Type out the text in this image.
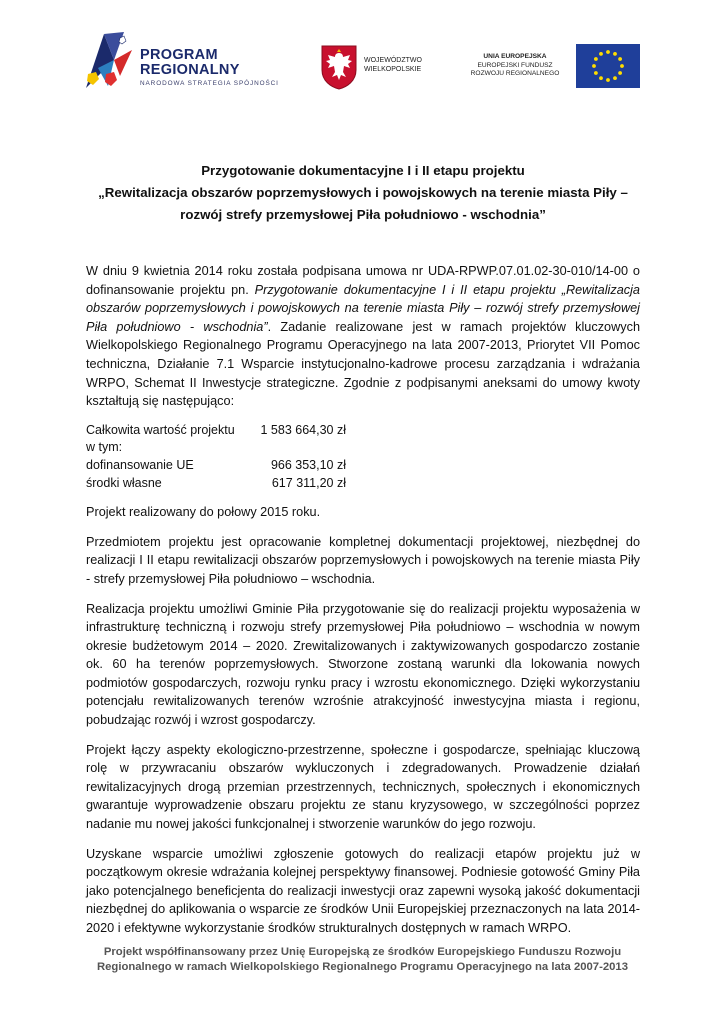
PROGRAM
REGIONALNY
NARODOWA STRATEGIA SPÓJNOŚCI
WOJEWÓDZTWO
WIELKOPOLSKIE
UNIA EUROPEJSKA
EUROPEJSKI FUNDUSZ
ROZWOJU REGIONALNEGO
Przygotowanie dokumentacyjne I i II etapu projektu
„Rewitalizacja obszarów poprzemysłowych i powojskowych na terenie miasta Piły –
rozwój strefy przemysłowej Piła południowo - wschodnia”

W dniu 9 kwietnia 2014 roku została podpisana umowa nr UDA-RPWP.07.01.02-30-010/14-00 o dofinansowanie projektu pn. Przygotowanie dokumentacyjne I i II etapu projektu „Rewitalizacja obszarów poprzemysłowych i powojskowych na terenie miasta Piły – rozwój strefy przemysłowej Piła południowo - wschodnia”. Zadanie realizowane jest w ramach projektów kluczowych Wielkopolskiego Regionalnego Programu Operacyjnego na lata 2007-2013, Priorytet VII Pomoc techniczna, Działanie 7.1 Wsparcie instytucjonalno-kadrowe procesu zarządzania i wdrażania WRPO, Schemat II Inwestycje strategiczne. Zgodnie z podpisanymi aneksami do umowy kwoty kształtują się następująco:

Całkowita wartość projektu	1 583 664,30 zł
w tym:
dofinansowanie UE	966 353,10 zł
środki własne	617 311,20 zł

Projekt realizowany do połowy 2015 roku.

Przedmiotem projektu jest opracowanie kompletnej dokumentacji projektowej, niezbędnej do realizacji I II etapu rewitalizacji obszarów poprzemysłowych i powojskowych na terenie miasta Piły - strefy przemysłowej Piła południowo – wschodnia.

Realizacja projektu umożliwi Gminie Piła przygotowanie się do realizacji projektu wyposażenia w infrastrukturę techniczną i rozwoju strefy przemysłowej Piła południowo – wschodnia w nowym okresie budżetowym 2014 – 2020. Zrewitalizowanych i zaktywizowanych gospodarczo zostanie ok. 60 ha terenów poprzemysłowych. Stworzone zostaną warunki dla lokowania nowych podmiotów gospodarczych, rozwoju rynku pracy i wzrostu ekonomicznego. Dzięki wykorzystaniu potencjału rewitalizowanych terenów wzrośnie atrakcyjność inwestycyjna miasta i regionu, pobudzając rozwój i wzrost gospodarczy.

Projekt łączy aspekty ekologiczno-przestrzenne, społeczne i gospodarcze, spełniając kluczową rolę w przywracaniu obszarów wykluczonych i zdegradowanych. Prowadzenie działań rewitalizacyjnych drogą przemian przestrzennych, technicznych, społecznych i ekonomicznych gwarantuje wyprowadzenie obszaru projektu ze stanu kryzysowego, w szczególności poprzez nadanie mu nowej jakości funkcjonalnej i stworzenie warunków do jego rozwoju.

Uzyskane wsparcie umożliwi zgłoszenie gotowych do realizacji etapów projektu już w początkowym okresie wdrażania kolejnej perspektywy finansowej. Podniesie gotowość Gminy Piła jako potencjalnego beneficjenta do realizacji inwestycji oraz zapewni wysoką jakość dokumentacji niezbędnej do aplikowania o wsparcie ze środków Unii Europejskiej przeznaczonych na lata 2014-2020 i efektywne wykorzystanie środków strukturalnych dostępnych w ramach WRPO.

Projekt współfinansowany przez Unię Europejską ze środków Europejskiego Funduszu Rozwoju
Regionalnego w ramach Wielkopolskiego Regionalnego Programu Operacyjnego na lata 2007-2013
